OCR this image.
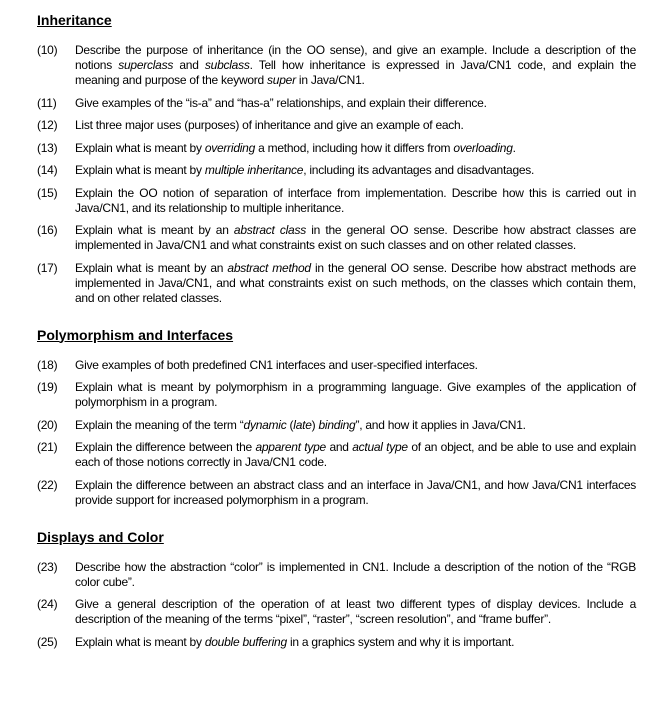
Inheritance
(10)	Describe the purpose of inheritance (in the OO sense), and give an example. Include a description of the notions superclass and subclass. Tell how inheritance is expressed in Java/CN1 code, and explain the meaning and purpose of the keyword super in Java/CN1.
(11)	Give examples of the “is-a” and “has-a” relationships, and explain their difference.
(12)	List three major uses (purposes) of inheritance and give an example of each.
(13)	Explain what is meant by overriding a method, including how it differs from overloading.
(14)	Explain what is meant by multiple inheritance, including its advantages and disadvantages.
(15)	Explain the OO notion of separation of interface from implementation. Describe how this is carried out in Java/CN1, and its relationship to multiple inheritance.
(16)	Explain what is meant by an abstract class in the general OO sense. Describe how abstract classes are implemented in Java/CN1 and what constraints exist on such classes and on other related classes.
(17)	Explain what is meant by an abstract method in the general OO sense. Describe how abstract methods are implemented in Java/CN1, and what constraints exist on such methods, on the classes which contain them, and on other related classes.
Polymorphism and Interfaces
(18)	Give examples of both predefined CN1 interfaces and user-specified interfaces.
(19)	Explain what is meant by polymorphism in a programming language. Give examples of the application of polymorphism in a program.
(20)	Explain the meaning of the term “dynamic (late) binding”, and how it applies in Java/CN1.
(21)	Explain the difference between the apparent type and actual type of an object, and be able to use and explain each of those notions correctly in Java/CN1 code.
(22)	Explain the difference between an abstract class and an interface in Java/CN1, and how Java/CN1 interfaces provide support for increased polymorphism in a program.
Displays and Color
(23)	Describe how the abstraction “color” is implemented in CN1. Include a description of the notion of the “RGB color cube”.
(24)	Give a general description of the operation of at least two different types of display devices. Include a description of the meaning of the terms “pixel”, “raster”, “screen resolution”, and “frame buffer”.
(25)	Explain what is meant by double buffering in a graphics system and why it is important.
